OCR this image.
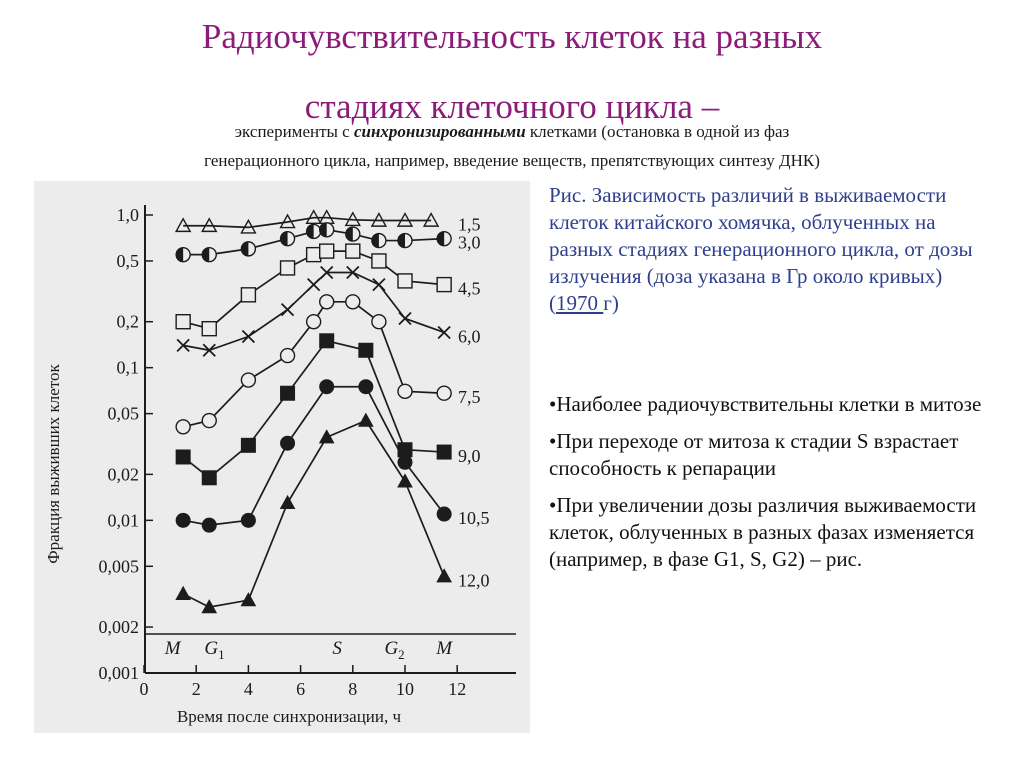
Радиочувствительность клеток на разных
стадиях клеточного цикла –
эксперименты с синхронизированными клетками (остановка в одной из фаз
генерационного цикла, например, введение веществ, препятствующих синтезу ДНК)
1,0
0,5
0,2
0,1
0,05
0,02
0,01
0,005
0,002
0,001
0 2 4 6 8 10 12
Время после синхронизации, ч
Фракция выживших клеток
M $G_1$	S $G_2$ M
1,5
3,0
4,5
6,0
7,5
9,0
10,5
12,0
Рис. Зависимость различий в выживаемости клеток китайского хомячка, облученных на разных стадиях генерационного цикла, от дозы излучения (доза указана в Гр около кривых) (1970 г)
•Наиболее радиочувствительны клетки в митозе
•При переходе от митоза к стадии S взрастает способность к репарации
•При увеличении дозы различия выживаемости клеток, облученных в разных фазах изменяется (например, в фазе G1, S, G2) – рис.
